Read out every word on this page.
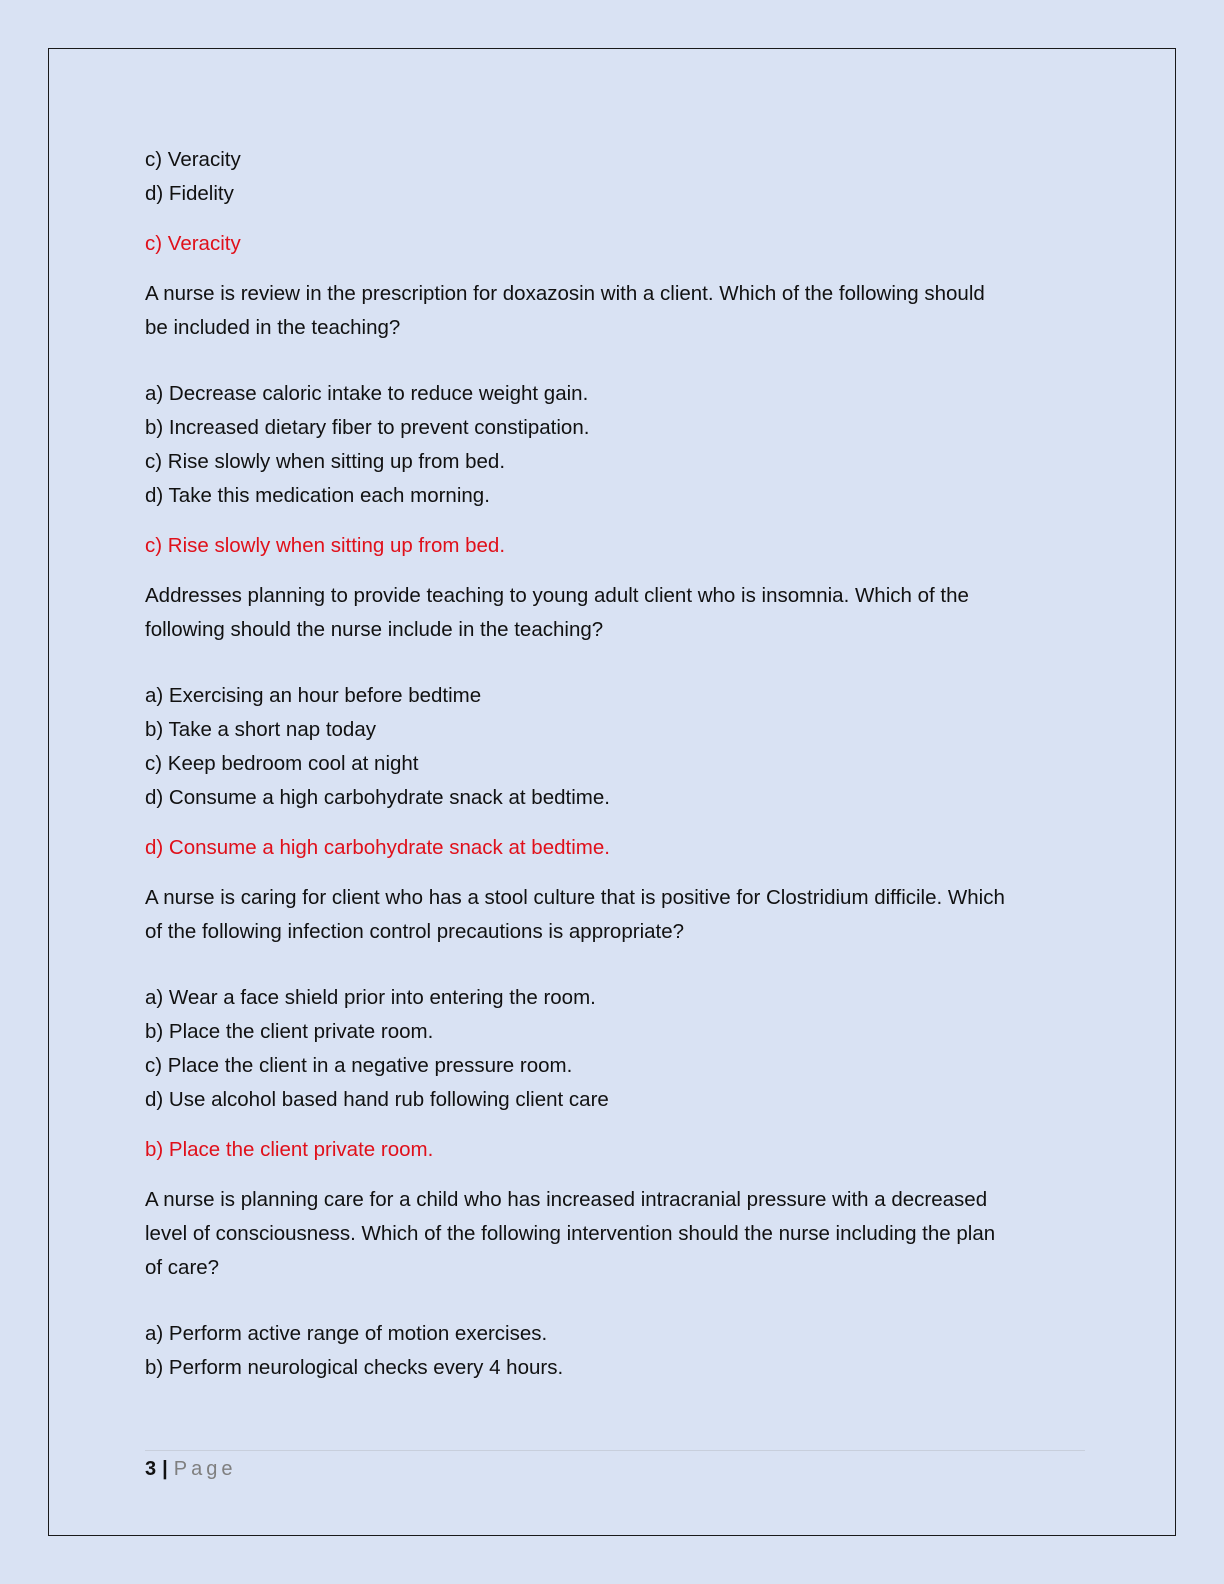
c) Veracity
d) Fidelity
c) Veracity
A nurse is review in the prescription for doxazosin with a client. Which of the following should
be included in the teaching?
a) Decrease caloric intake to reduce weight gain.
b) Increased dietary fiber to prevent constipation.
c) Rise slowly when sitting up from bed.
d) Take this medication each morning.
c) Rise slowly when sitting up from bed.
Addresses planning to provide teaching to young adult client who is insomnia. Which of the
following should the nurse include in the teaching?
a) Exercising an hour before bedtime
b) Take a short nap today
c) Keep bedroom cool at night
d) Consume a high carbohydrate snack at bedtime.
d) Consume a high carbohydrate snack at bedtime.
A nurse is caring for client who has a stool culture that is positive for Clostridium difficile. Which
of the following infection control precautions is appropriate?
a) Wear a face shield prior into entering the room.
b) Place the client private room.
c) Place the client in a negative pressure room.
d) Use alcohol based hand rub following client care
b) Place the client private room.
A nurse is planning care for a child who has increased intracranial pressure with a decreased
level of consciousness. Which of the following intervention should the nurse including the plan
of care?
a) Perform active range of motion exercises.
b) Perform neurological checks every 4 hours.
3 | Page
